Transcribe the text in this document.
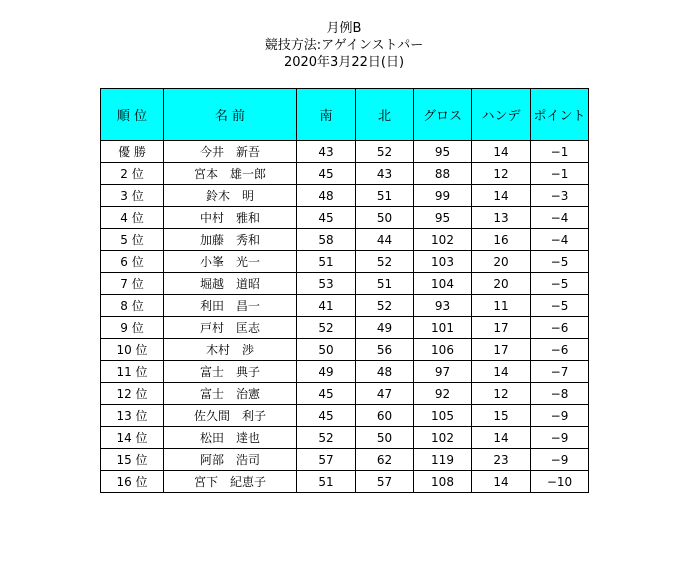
月例B
競技方法:アゲインストパー
2020年3月22日(日)
順 位	名 前	南	北	グロス	ハンデ	ポイント
優 勝	今井　新吾	43	52	95	14	−1
2 位	宮本　雄一郎	45	43	88	12	−1
3 位	鈴木　明	48	51	99	14	−3
4 位	中村　雅和	45	50	95	13	−4
5 位	加藤　秀和	58	44	102	16	−4
6 位	小峯　光一	51	52	103	20	−5
7 位	堀越　道昭	53	51	104	20	−5
8 位	利田　昌一	41	52	93	11	−5
9 位	戸村　匡志	52	49	101	17	−6
10 位	木村　渉	50	56	106	17	−6
11 位	富士　典子	49	48	97	14	−7
12 位	富士　治憲	45	47	92	12	−8
13 位	佐久間　利子	45	60	105	15	−9
14 位	松田　達也	52	50	102	14	−9
15 位	阿部　浩司	57	62	119	23	−9
16 位	宮下　紀恵子	51	57	108	14	−10
